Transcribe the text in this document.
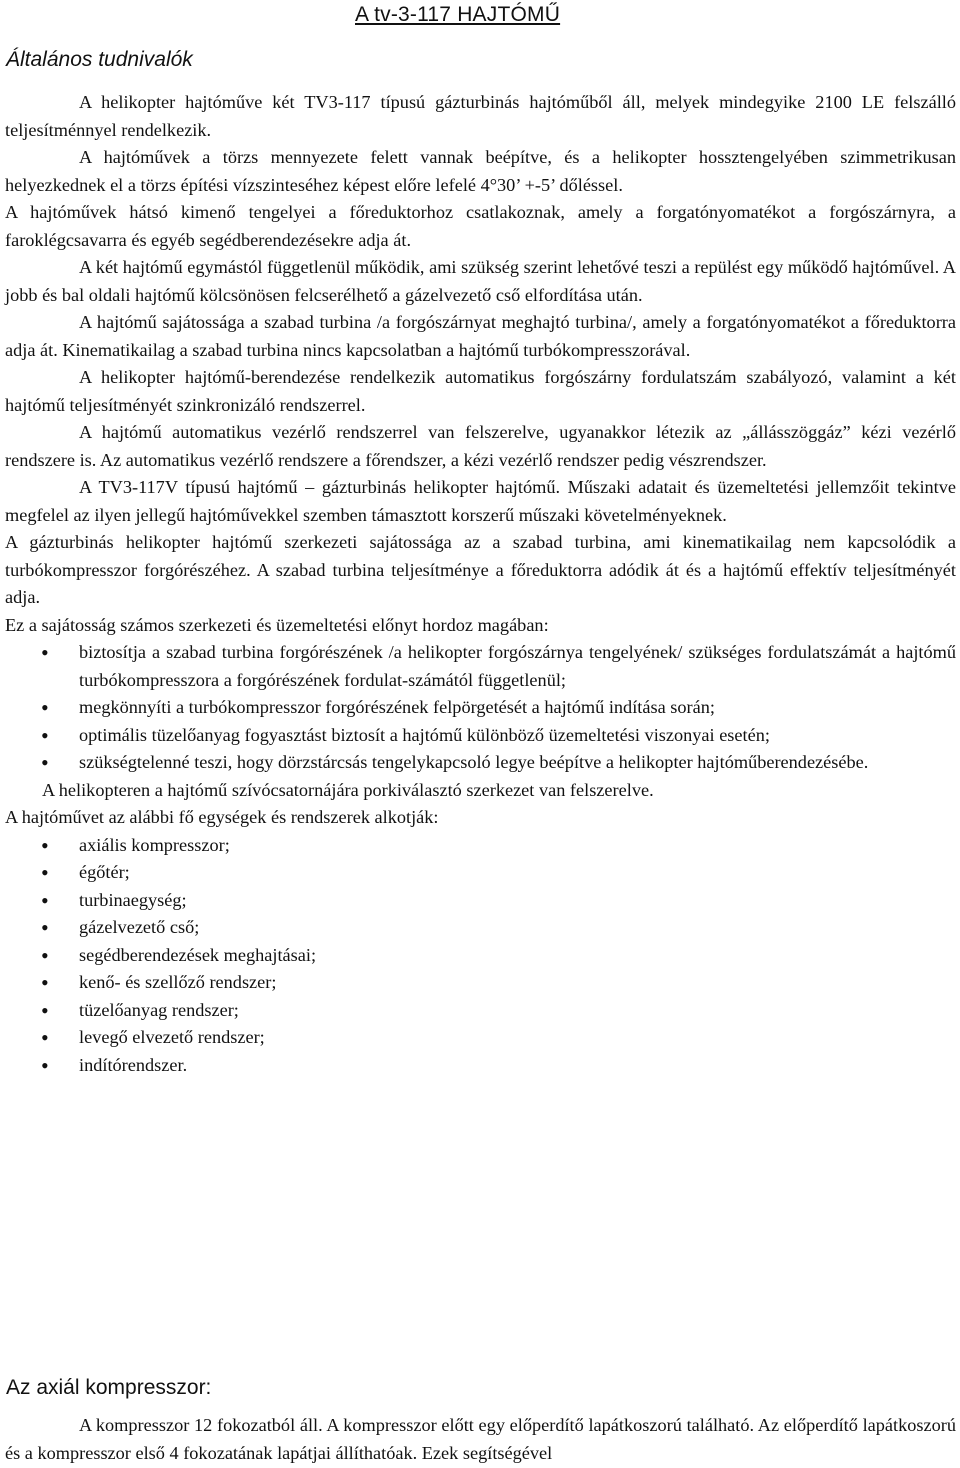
A tv-3-117 HAJTÓMŰ
Általános tudnivalók

A helikopter hajtóműve két TV3-117 típusú gázturbinás hajtóműből áll, melyek mindegyike 2100 LE felszálló teljesítménnyel rendelkezik.

A hajtóművek a törzs mennyezete felett vannak beépítve, és a helikopter hossztengelyében szimmetrikusan helyezkednek el a törzs építési vízszinteséhez képest előre lefelé 4°30’ +-5’ dőléssel.

A hajtóművek hátsó kimenő tengelyei a főreduktorhoz csatlakoznak, amely a forgatónyomatékot a forgószárnyra, a faroklégcsavarra és egyéb segédberendezésekre adja át.

A két hajtómű egymástól függetlenül működik, ami szükség szerint lehetővé teszi a repülést egy működő hajtóművel. A jobb és bal oldali hajtómű kölcsönösen felcserélhető a gázelvezető cső elfordítása után.

A hajtómű sajátossága a szabad turbina /a forgószárnyat meghajtó turbina/, amely a forgatónyomatékot a főreduktorra adja át. Kinematikailag a szabad turbina nincs kapcsolatban a hajtómű turbókompresszorával.

A helikopter hajtómű-berendezése rendelkezik automatikus forgószárny fordulatszám szabályozó, valamint a két hajtómű teljesítményét szinkronizáló rendszerrel.

A hajtómű automatikus vezérlő rendszerrel van felszerelve, ugyanakkor létezik az „állásszöggáz” kézi vezérlő rendszere is. Az automatikus vezérlő rendszere a főrendszer, a kézi vezérlő rendszer pedig vészrendszer.

A TV3-117V típusú hajtómű – gázturbinás helikopter hajtómű. Műszaki adatait és üzemeltetési jellemzőit tekintve megfelel az ilyen jellegű hajtóművekkel szemben támasztott korszerű műszaki követelményeknek.

A gázturbinás helikopter hajtómű szerkezeti sajátossága az a szabad turbina, ami kinematikailag nem kapcsolódik a turbókompresszor forgórészéhez. A szabad turbina teljesítménye a főreduktorra adódik át és a hajtómű effektív teljesítményét adja.

Ez a sajátosság számos szerkezeti és üzemeltetési előnyt hordoz magában:

• biztosítja a szabad turbina forgórészének /a helikopter forgószárnya tengelyének/ szükséges fordulatszámát a hajtómű turbókompresszora a forgórészének fordulat-számától függetlenül;
• megkönnyíti a turbókompresszor forgórészének felpörgetését a hajtómű indítása során;
• optimális tüzelőanyag fogyasztást biztosít a hajtómű különböző üzemeltetési viszonyai esetén;
• szükségtelenné teszi, hogy dörzstárcsás tengelykapcsoló legye beépítve a helikopter hajtóműberendezésébe.

A helikopteren a hajtómű szívócsatornájára porkiválasztó szerkezet van felszerelve.

A hajtóművet az alábbi fő egységek és rendszerek alkotják:

• axiális kompresszor;
• égőtér;
• turbinaegység;
• gázelvezető cső;
• segédberendezések meghajtásai;
• kenő- és szellőző rendszer;
• tüzelőanyag rendszer;
• levegő elvezető rendszer;
• indítórendszer.
Az axiál kompresszor:

A kompresszor 12 fokozatból áll. A kompresszor előtt egy előperdítő lapátkoszorú található. Az előperdítő lapátkoszorú és a kompresszor első 4 fokozatának lapátjai állíthatóak. Ezek segítségével
